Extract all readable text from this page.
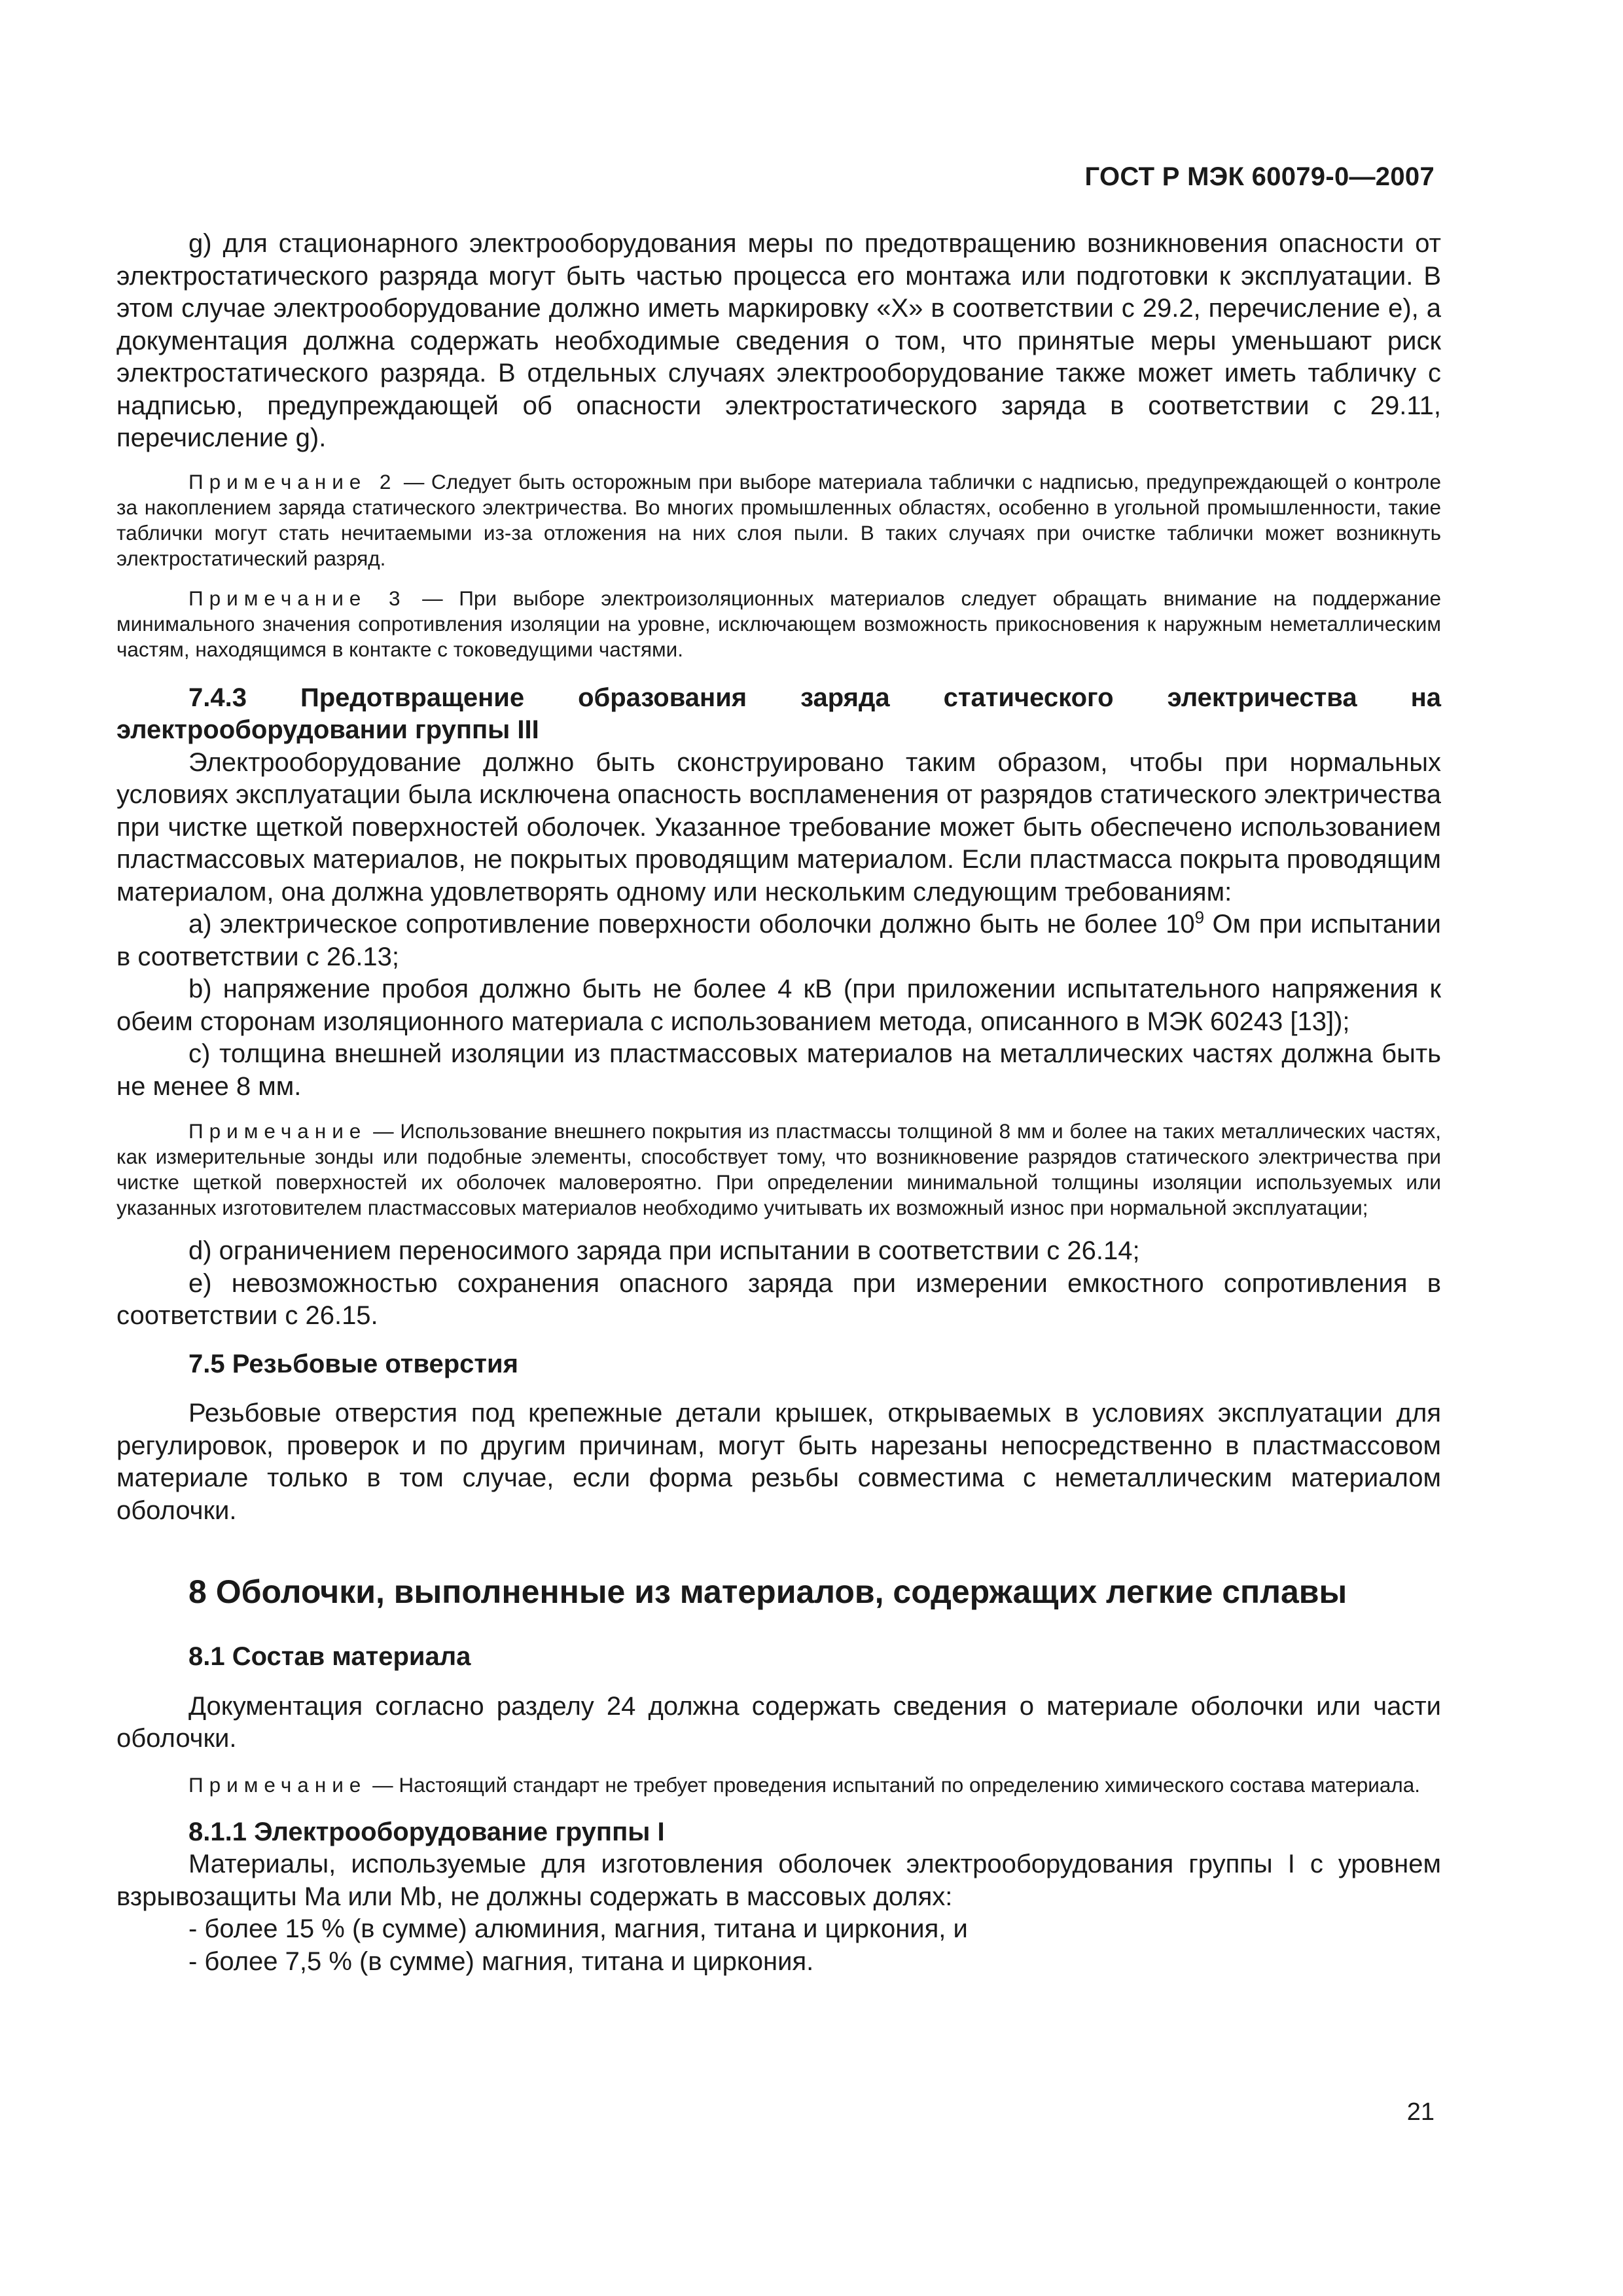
ГОСТ Р МЭК 60079-0—2007

g) для стационарного электрооборудования меры по предотвращению возникновения опасности от электростатического разряда могут быть частью процесса его монтажа или подготовки к эксплуатации. В этом случае электрооборудование должно иметь маркировку «X» в соответствии с 29.2, перечисление е), а документация должна содержать необходимые сведения о том, что принятые меры уменьшают риск электростатического разряда. В отдельных случаях электрооборудование также может иметь табличку с надписью, предупреждающей об опасности электростатического заряда в соответствии с 29.11, перечисление g).

Примечание 2 — Следует быть осторожным при выборе материала таблички с надписью, предупреждающей о контроле за накоплением заряда статического электричества. Во многих промышленных областях, особенно в угольной промышленности, такие таблички могут стать нечитаемыми из-за отложения на них слоя пыли. В таких случаях при очистке таблички может возникнуть электростатический разряд.

Примечание 3 — При выборе электроизоляционных материалов следует обращать внимание на поддержание минимального значения сопротивления изоляции на уровне, исключающем возможность прикосновения к наружным неметаллическим частям, находящимся в контакте с токоведущими частями.

7.4.3 Предотвращение образования заряда статического электричества на электрооборудовании группы III

Электрооборудование должно быть сконструировано таким образом, чтобы при нормальных условиях эксплуатации была исключена опасность воспламенения от разрядов статического электричества при чистке щеткой поверхностей оболочек. Указанное требование может быть обеспечено использованием пластмассовых материалов, не покрытых проводящим материалом. Если пластмасса покрыта проводящим материалом, она должна удовлетворять одному или нескольким следующим требованиям:

а) электрическое сопротивление поверхности оболочки должно быть не более $10^9$ Ом при испытании в соответствии с 26.13;

b) напряжение пробоя должно быть не более 4 кВ (при приложении испытательного напряжения к обеим сторонам изоляционного материала с использованием метода, описанного в МЭК 60243 [13]);

c) толщина внешней изоляции из пластмассовых материалов на металлических частях должна быть не менее 8 мм.

Примечание — Использование внешнего покрытия из пластмассы толщиной 8 мм и более на таких металлических частях, как измерительные зонды или подобные элементы, способствует тому, что возникновение разрядов статического электричества при чистке щеткой поверхностей их оболочек маловероятно. При определении минимальной толщины изоляции используемых или указанных изготовителем пластмассовых материалов необходимо учитывать их возможный износ при нормальной эксплуатации;

d) ограничением переносимого заряда при испытании в соответствии с 26.14;

e) невозможностью сохранения опасного заряда при измерении емкостного сопротивления в соответствии с 26.15.

7.5 Резьбовые отверстия

Резьбовые отверстия под крепежные детали крышек, открываемых в условиях эксплуатации для регулировок, проверок и по другим причинам, могут быть нарезаны непосредственно в пластмассовом материале только в том случае, если форма резьбы совместима с неметаллическим материалом оболочки.

8 Оболочки, выполненные из материалов, содержащих легкие сплавы

8.1 Состав материала

Документация согласно разделу 24 должна содержать сведения о материале оболочки или части оболочки.

Примечание — Настоящий стандарт не требует проведения испытаний по определению химического состава материала.

8.1.1 Электрооборудование группы I

Материалы, используемые для изготовления оболочек электрооборудования группы I с уровнем взрывозащиты Ma или Mb, не должны содержать в массовых долях:

- более 15 % (в сумме) алюминия, магния, титана и циркония, и

- более 7,5 % (в сумме) магния, титана и циркония.

21
